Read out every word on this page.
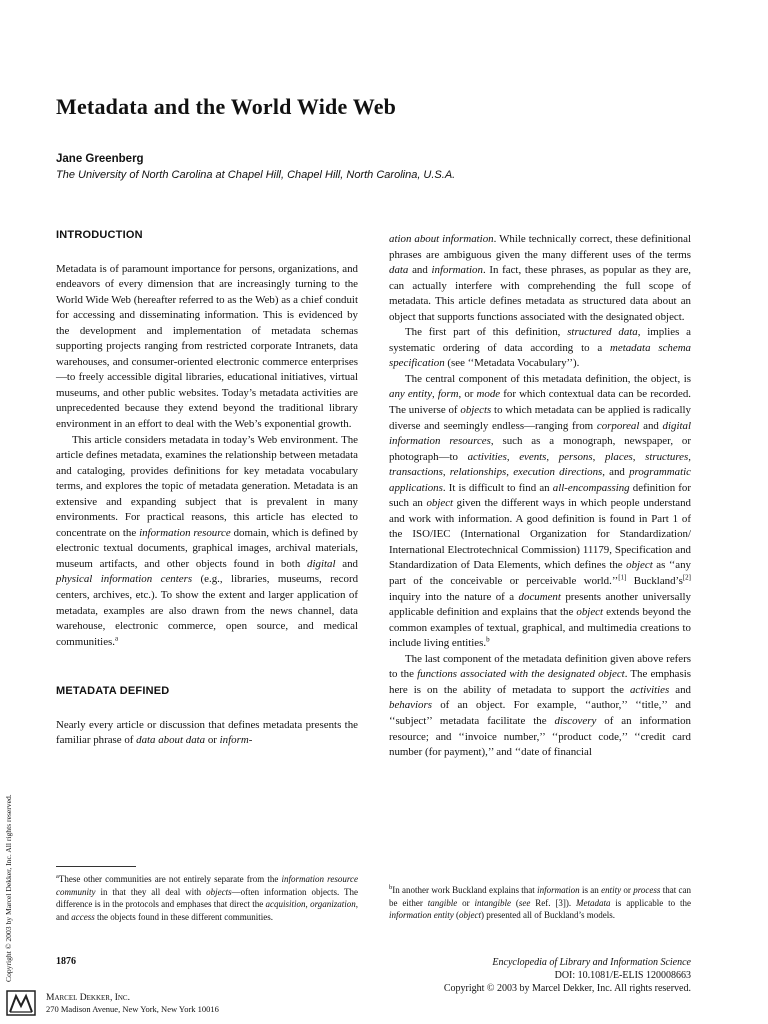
Metadata and the World Wide Web
Jane Greenberg
The University of North Carolina at Chapel Hill, Chapel Hill, North Carolina, U.S.A.
INTRODUCTION

Metadata is of paramount importance for persons, organizations, and endeavors of every dimension that are increasingly turning to the World Wide Web (hereafter referred to as the Web) as a chief conduit for accessing and disseminating information. This is evidenced by the development and implementation of metadata schemas supporting projects ranging from restricted corporate Intranets, data warehouses, and consumer-oriented electronic commerce enterprises—to freely accessible digital libraries, educational initiatives, virtual museums, and other public websites. Today’s metadata activities are unprecedented because they extend beyond the traditional library environment in an effort to deal with the Web’s exponential growth.

This article considers metadata in today’s Web environment. The article defines metadata, examines the relationship between metadata and cataloging, provides definitions for key metadata vocabulary terms, and explores the topic of metadata generation. Metadata is an extensive and expanding subject that is prevalent in many environments. For practical reasons, this article has elected to concentrate on the information resource domain, which is defined by electronic textual documents, graphical images, archival materials, museum artifacts, and other objects found in both digital and physical information centers (e.g., libraries, museums, record centers, archives, etc.). To show the extent and larger application of metadata, examples are also drawn from the news channel, data warehouse, electronic commerce, open source, and medical communities.$^a$

METADATA DEFINED

Nearly every article or discussion that defines metadata presents the familiar phrase of data about data or inform-

ation about information. While technically correct, these definitional phrases are ambiguous given the many different uses of the terms data and information. In fact, these phrases, as popular as they are, can actually interfere with comprehending the full scope of metadata. This article defines metadata as structured data about an object that supports functions associated with the designated object.

The first part of this definition, structured data, implies a systematic ordering of data according to a metadata schema specification (see ‘‘Metadata Vocabulary’’).

The central component of this metadata definition, the object, is any entity, form, or mode for which contextual data can be recorded. The universe of objects to which metadata can be applied is radically diverse and seemingly endless—ranging from corporeal and digital information resources, such as a monograph, newspaper, or photograph—to activities, events, persons, places, structures, transactions, relationships, execution directions, and programmatic applications. It is difficult to find an all-encompassing definition for such an object given the different ways in which people understand and work with information. A good definition is found in Part 1 of the ISO/IEC (International Organization for Standardization/ International Electrotechnical Commission) 11179, Specification and Standardization of Data Elements, which defines the object as ‘‘any part of the conceivable or perceivable world.’’[1] Buckland’s[2] inquiry into the nature of a document presents another universally applicable definition and explains that the object extends beyond the common examples of textual, graphical, and multimedia creations to include living entities.$^b$

The last component of the metadata definition given above refers to the functions associated with the designated object. The emphasis here is on the ability of metadata to support the activities and behaviors of an object. For example, ‘‘author,’’ ‘‘title,’’ and ‘‘subject’’ metadata facilitate the discovery of an information resource; and ‘‘invoice number,’’ ‘‘product code,’’ ‘‘credit card number (for payment),’’ and ‘‘date of financial

$^a$These other communities are not entirely separate from the information resource community in that they all deal with objects—often information objects. The difference is in the protocols and emphases that direct the acquisition, organization, and access the objects found in these different communities.

$^b$In another work Buckland explains that information is an entity or process that can be either tangible or intangible (see Ref. [3]). Metadata is applicable to the information entity (object) presented all of Buckland’s models.

1876	Encyclopedia of Library and Information Science
DOI: 10.1081/E-ELIS 120008663
Copyright © 2003 by Marcel Dekker, Inc. All rights reserved.
Copyright © 2003 by Marcel Dekker, Inc. All rights reserved.
Marcel Dekker, Inc.
270 Madison Avenue, New York, New York 10016
